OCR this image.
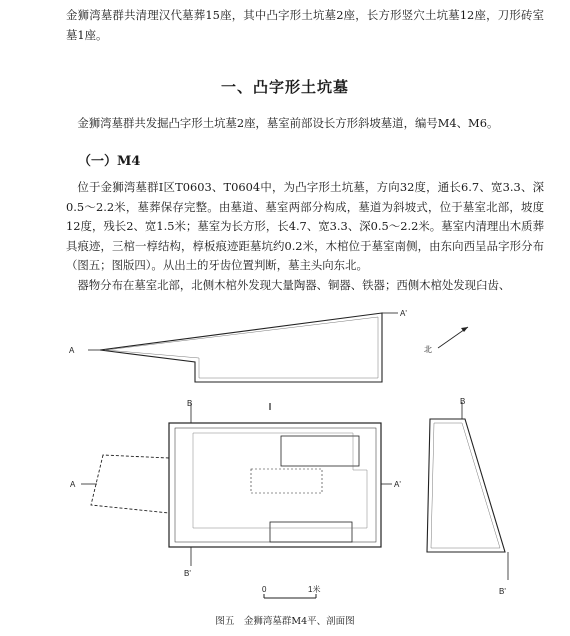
金狮湾墓群共清理汉代墓葬15座，其中凸字形土坑墓2座，长方形竖穴土坑墓12座，刀形砖室墓1座。

一、凸字形土坑墓

金狮湾墓群共发掘凸字形土坑墓2座，墓室前部设长方形斜坡墓道，编号M4、M6。

（一）M4

位于金狮湾墓群Ⅰ区T0603、T0604中，为凸字形土坑墓，方向32度，通长6.7、宽3.3、深0.5～2.2米，墓葬保存完整。由墓道、墓室两部分构成，墓道为斜坡式，位于墓室北部，坡度12度，残长2、宽1.5米；墓室为长方形，长4.7、宽3.3、深0.5～2.2米。墓室内清理出木质葬具痕迹，三棺一椁结构，椁板痕迹距墓坑约0.2米，木棺位于墓室南侧，由东向西呈品字形分布（图五；图版四）。从出土的牙齿位置判断，墓主头向东北。

器物分布在墓室北部，北侧木棺外发现大量陶器、铜器、铁器；西侧木棺处发现臼齿、

A
A'
北
B
B'
A	A'
B
B'
0	1米

图五　金狮湾墓群M4平、剖面图
